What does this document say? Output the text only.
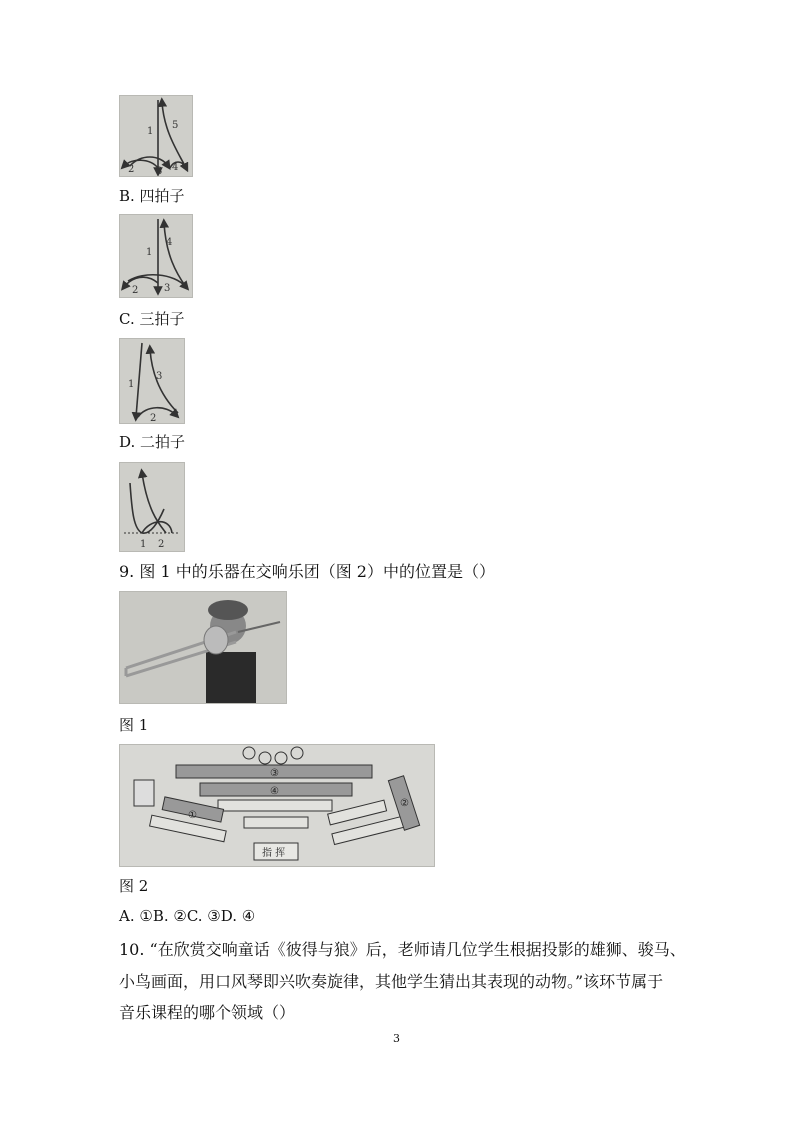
1
2 3 4
5
B. 四拍子
1
2	3
4
C. 三拍子
1
2
3
D. 二拍子
1 2
9. 图 1 中的乐器在交响乐团（图 2）中的位置是（）
图 1
③
④
①
②
指 挥
图 2
A. ①B. ②C. ③D. ④
10. “在欣赏交响童话《彼得与狼》后，老师请几位学生根据投影的雄狮、骏马、
小鸟画面，用口风琴即兴吹奏旋律，其他学生猜出其表现的动物。”该环节属于
音乐课程的哪个领域（）
3
